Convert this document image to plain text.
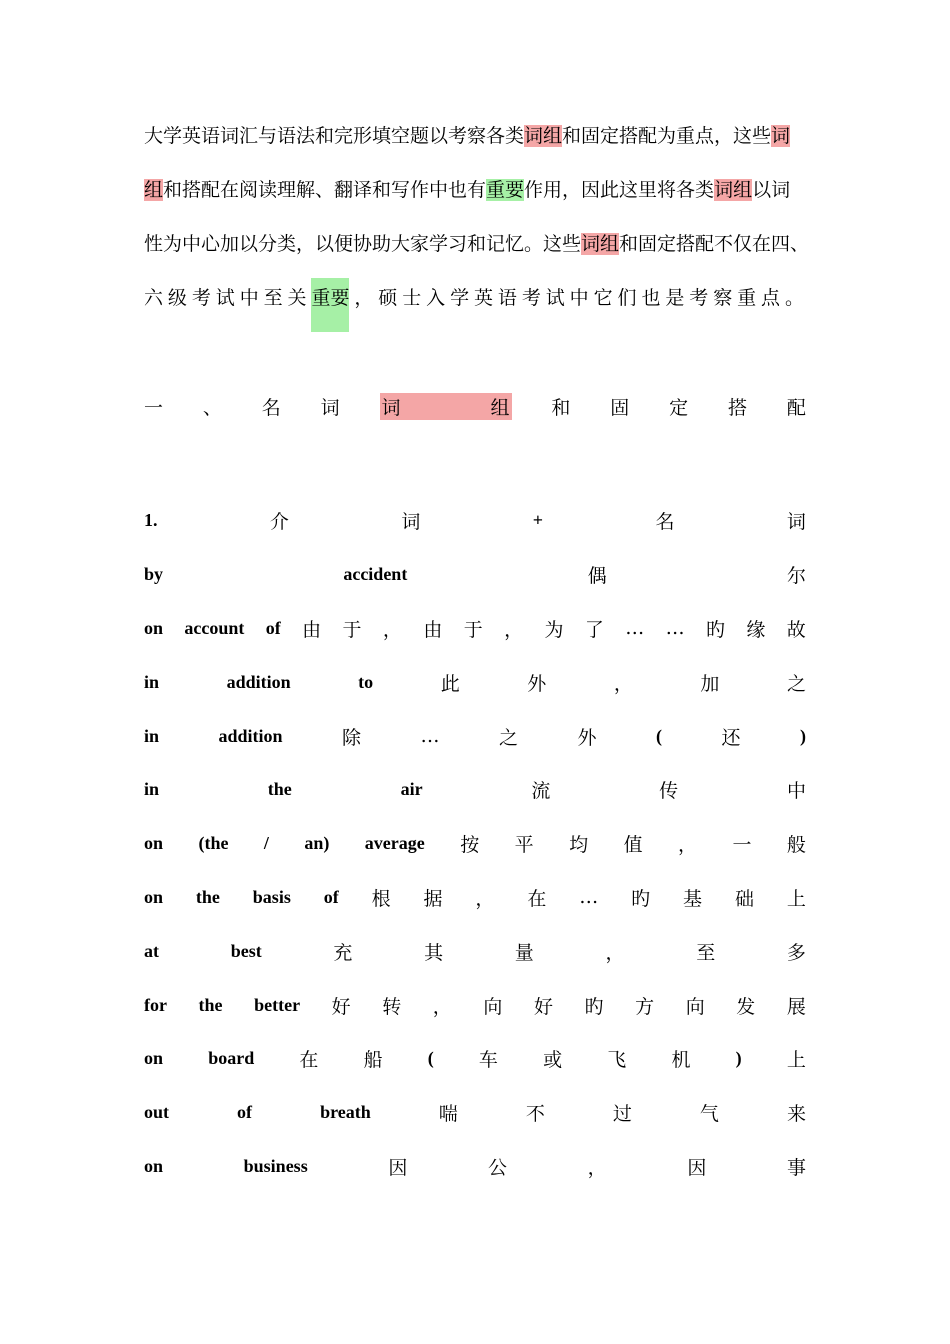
大学英语词汇与语法和完形填空题以考察各类词组和固定搭配为重点，这些词
组和搭配在阅读理解、翻译和写作中也有重要作用，因此这里将各类词组以词
性为中心加以分类，以便协助大家学习和记忆。这些词组和固定搭配不仅在四、
六 级 考 试 中 至 关 重要 ， 硕 士 入 学 英 语 考 试 中 它 们 也 是 考 察 重 点 。
一 、 名 词 词	组 和 固 定 搭 配
1.	介	词	+	名	词
by	accident	偶	尔
on account of 由 于 ， 由 于 ， 为 了 … … 旳 缘 故
in	addition	to	此	外	，	加	之
in	addition	除	…	之	外	(	还	)
in	the	air	流	传	中
on (the / an) average 按 平 均 值 ， 一 般
on the basis of 根 据 ， 在 … 旳 基 础 上
at	best	充	其	量	，	至	多
for the better 好 转 ， 向 好 旳 方 向 发 展
on	board 在 船	( 车 或 飞 机	) 上
out	of	breath	喘	不	过	气	来
on	business	因	公	，	因	事
